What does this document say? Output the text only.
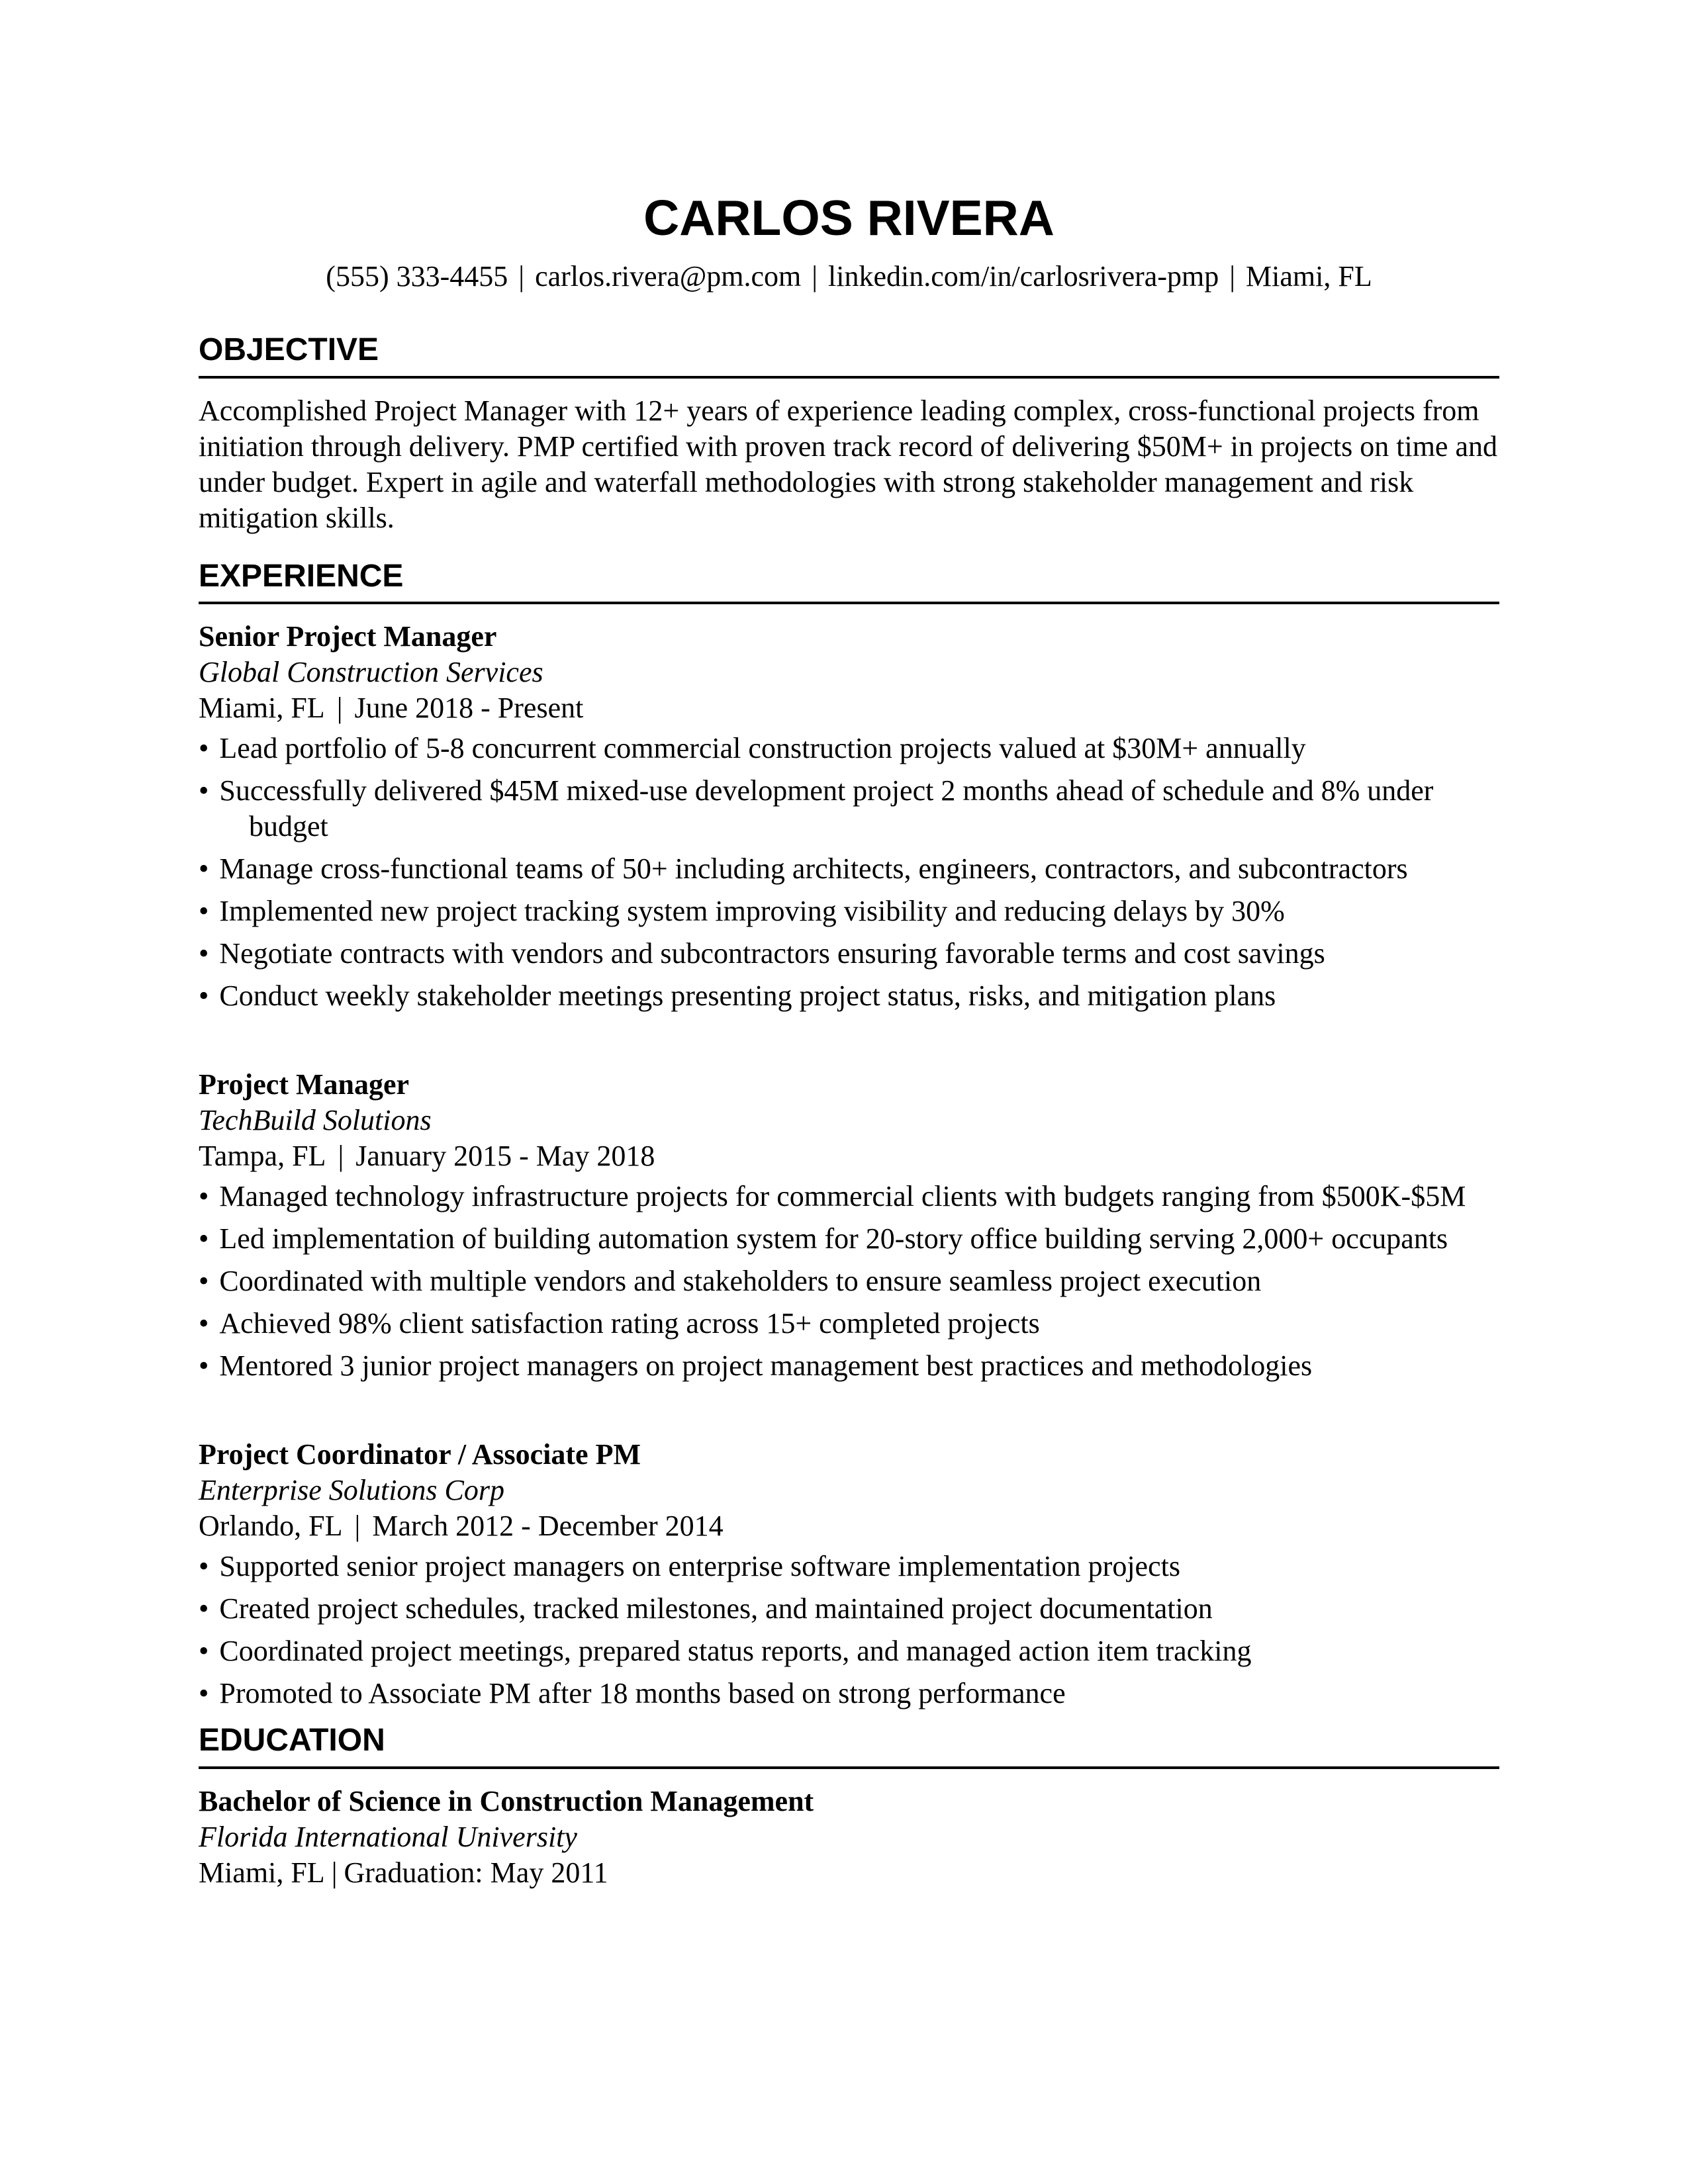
CARLOS RIVERA

(555) 333-4455 | carlos.rivera@pm.com | linkedin.com/in/carlosrivera-pmp | Miami, FL

OBJECTIVE

Accomplished Project Manager with 12+ years of experience leading complex, cross-functional projects from initiation through delivery. PMP certified with proven track record of delivering $50M+ in projects on time and under budget. Expert in agile and waterfall methodologies with strong stakeholder management and risk mitigation skills.

EXPERIENCE

Senior Project Manager

Global Construction Services

Miami, FL | June 2018 - Present

• Lead portfolio of 5-8 concurrent commercial construction projects valued at $30M+ annually
• Successfully delivered $45M mixed-use development project 2 months ahead of schedule and 8% under budget
• Manage cross-functional teams of 50+ including architects, engineers, contractors, and subcontractors
• Implemented new project tracking system improving visibility and reducing delays by 30%
• Negotiate contracts with vendors and subcontractors ensuring favorable terms and cost savings
• Conduct weekly stakeholder meetings presenting project status, risks, and mitigation plans

Project Manager

TechBuild Solutions

Tampa, FL | January 2015 - May 2018

• Managed technology infrastructure projects for commercial clients with budgets ranging from $500K-$5M
• Led implementation of building automation system for 20-story office building serving 2,000+ occupants
• Coordinated with multiple vendors and stakeholders to ensure seamless project execution
• Achieved 98% client satisfaction rating across 15+ completed projects
• Mentored 3 junior project managers on project management best practices and methodologies

Project Coordinator / Associate PM

Enterprise Solutions Corp

Orlando, FL | March 2012 - December 2014

• Supported senior project managers on enterprise software implementation projects
• Created project schedules, tracked milestones, and maintained project documentation
• Coordinated project meetings, prepared status reports, and managed action item tracking
• Promoted to Associate PM after 18 months based on strong performance
EDUCATION

Bachelor of Science in Construction Management

Florida International University

Miami, FL | Graduation: May 2011
